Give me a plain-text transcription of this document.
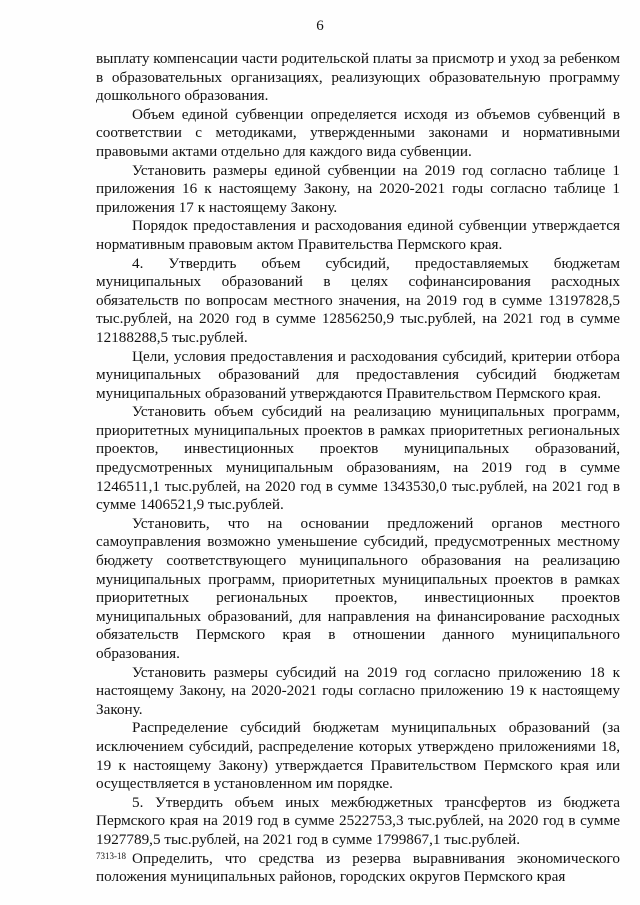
6

выплату компенсации части родительской платы за присмотр и уход за ребенком в образовательных организациях, реализующих образовательную программу дошкольного образования.

Объем единой субвенции определяется исходя из объемов субвенций в соответствии с методиками, утвержденными законами и нормативными правовыми актами отдельно для каждого вида субвенции.

Установить размеры единой субвенции на 2019 год согласно таблице 1 приложения 16 к настоящему Закону, на 2020-2021 годы согласно таблице 1 приложения 17 к настоящему Закону.

Порядок предоставления и расходования единой субвенции утверждается нормативным правовым актом Правительства Пермского края.

4. Утвердить объем субсидий, предоставляемых бюджетам муниципальных образований в целях софинансирования расходных обязательств по вопросам местного значения, на 2019 год в сумме 13197828,5 тыс.рублей, на 2020 год в сумме 12856250,9 тыс.рублей, на 2021 год в сумме 12188288,5 тыс.рублей.

Цели, условия предоставления и расходования субсидий, критерии отбора муниципальных образований для предоставления субсидий бюджетам муниципальных образований утверждаются Правительством Пермского края.

Установить объем субсидий на реализацию муниципальных программ, приоритетных муниципальных проектов в рамках приоритетных региональных проектов, инвестиционных проектов муниципальных образований, предусмотренных муниципальным образованиям, на 2019 год в сумме 1246511,1 тыс.рублей, на 2020 год в сумме 1343530,0 тыс.рублей, на 2021 год в сумме 1406521,9 тыс.рублей.

Установить, что на основании предложений органов местного самоуправления возможно уменьшение субсидий, предусмотренных местному бюджету соответствующего муниципального образования на реализацию муниципальных программ, приоритетных муниципальных проектов в рамках приоритетных региональных проектов, инвестиционных проектов муниципальных образований, для направления на финансирование расходных обязательств Пермского края в отношении данного муниципального образования.

Установить размеры субсидий на 2019 год согласно приложению 18 к настоящему Закону, на 2020-2021 годы согласно приложению 19 к настоящему Закону.

Распределение субсидий бюджетам муниципальных образований (за исключением субсидий, распределение которых утверждено приложениями 18, 19 к настоящему Закону) утверждается Правительством Пермского края или осуществляется в установленном им порядке.

5. Утвердить объем иных межбюджетных трансфертов из бюджета Пермского края на 2019 год в сумме 2522753,3 тыс.рублей, на 2020 год в сумме 1927789,5 тыс.рублей, на 2021 год в сумме 1799867,1 тыс.рублей.

Определить, что средства из резерва выравнивания экономического положения муниципальных районов, городских округов Пермского края

7313-18
